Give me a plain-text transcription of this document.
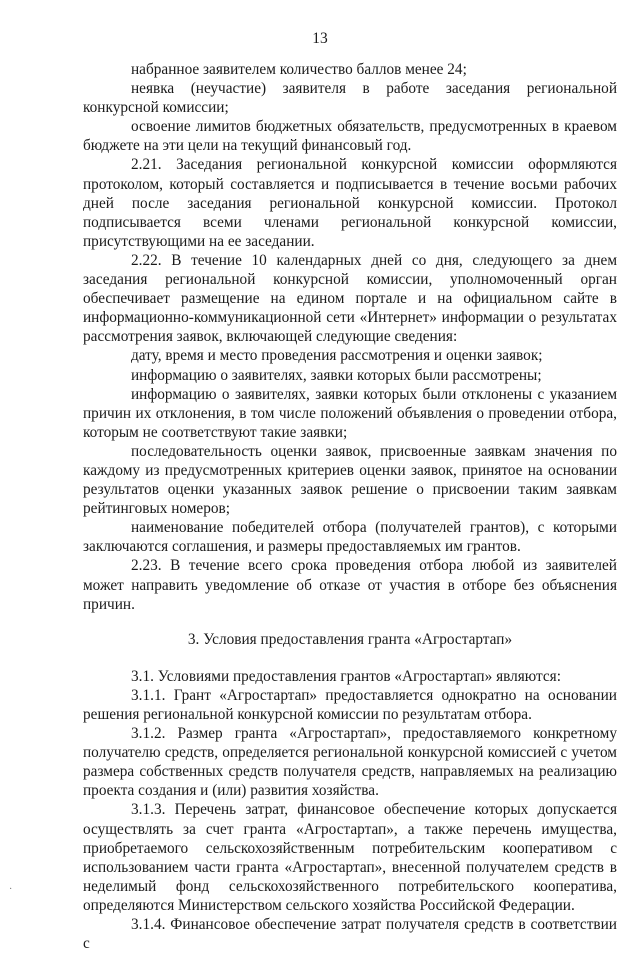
13

набранное заявителем количество баллов менее 24;

неявка (неучастие) заявителя в работе заседания региональной конкурсной комиссии;

освоение лимитов бюджетных обязательств, предусмотренных в краевом бюджете на эти цели на текущий финансовый год.

2.21. Заседания региональной конкурсной комиссии оформляются протоколом, который составляется и подписывается в течение восьми рабочих дней после заседания региональной конкурсной комиссии. Протокол подписывается всеми членами региональной конкурсной комиссии, присутствующими на ее заседании.

2.22. В течение 10 календарных дней со дня, следующего за днем заседания региональной конкурсной комиссии, уполномоченный орган обеспечивает размещение на едином портале и на официальном сайте в информационно-коммуникационной сети «Интернет» информации о результатах рассмотрения заявок, включающей следующие сведения:

дату, время и место проведения рассмотрения и оценки заявок;

информацию о заявителях, заявки которых были рассмотрены;

информацию о заявителях, заявки которых были отклонены с указанием причин их отклонения, в том числе положений объявления о проведении отбора, которым не соответствуют такие заявки;

последовательность оценки заявок, присвоенные заявкам значения по каждому из предусмотренных критериев оценки заявок, принятое на основании результатов оценки указанных заявок решение о присвоении таким заявкам рейтинговых номеров;

наименование победителей отбора (получателей грантов), с которыми заключаются соглашения, и размеры предоставляемых им грантов.

2.23. В течение всего срока проведения отбора любой из заявителей может направить уведомление об отказе от участия в отборе без объяснения причин.

3. Условия предоставления гранта «Агростартап»

3.1. Условиями предоставления грантов «Агростартап» являются:

3.1.1. Грант «Агростартап» предоставляется однократно на основании решения региональной конкурсной комиссии по результатам отбора.

3.1.2. Размер гранта «Агростартап», предоставляемого конкретному получателю средств, определяется региональной конкурсной комиссией с учетом размера собственных средств получателя средств, направляемых на реализацию проекта создания и (или) развития хозяйства.

3.1.3. Перечень затрат, финансовое обеспечение которых допускается осуществлять за счет гранта «Агростартап», а также перечень имущества, приобретаемого сельскохозяйственным потребительским кооперативом с использованием части гранта «Агростартап», внесенной получателем средств в неделимый фонд сельскохозяйственного потребительского кооператива, определяются Министерством сельского хозяйства Российской Федерации.

3.1.4. Финансовое обеспечение затрат получателя средств в соответствии с

·
